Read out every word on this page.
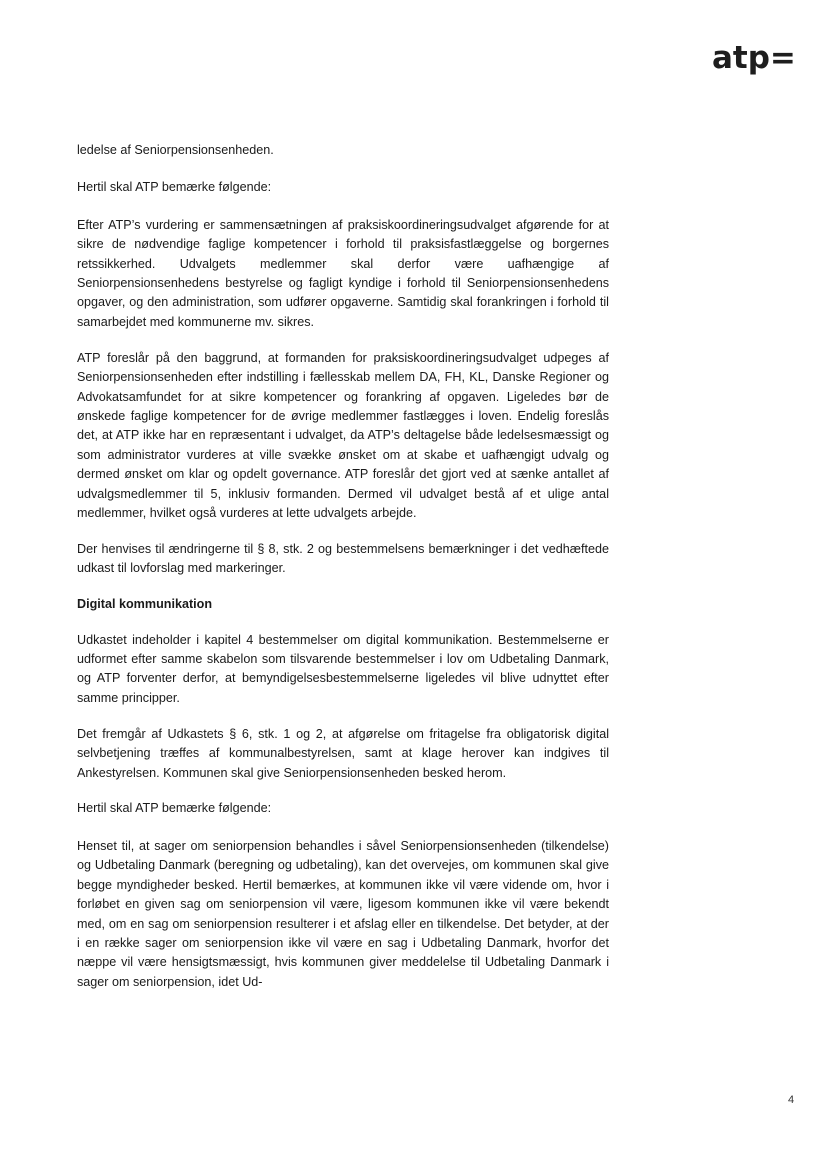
atp=

ledelse af Seniorpensionsenheden.

Hertil skal ATP bemærke følgende:

Efter ATP’s vurdering er sammensætningen af praksiskoordineringsudvalget afgørende for at sikre de nødvendige faglige kompetencer i forhold til praksisfastlæggelse og borgernes retssikkerhed. Udvalgets medlemmer skal derfor være uafhængige af Seniorpensionsenhedens bestyrelse og fagligt kyndige i forhold til Seniorpensionsenhedens opgaver, og den administration, som udfører opgaverne. Samtidig skal forankringen i forhold til samarbejdet med kommunerne mv. sikres.

ATP foreslår på den baggrund, at formanden for praksiskoordineringsudvalget udpeges af Seniorpensionsenheden efter indstilling i fællesskab mellem DA, FH, KL, Danske Regioner og Advokatsamfundet for at sikre kompetencer og forankring af opgaven. Ligeledes bør de ønskede faglige kompetencer for de øvrige medlemmer fastlægges i loven. Endelig foreslås det, at ATP ikke har en repræsentant i udvalget, da ATP’s deltagelse både ledelsesmæssigt og som administrator vurderes at ville svække ønsket om at skabe et uafhængigt udvalg og dermed ønsket om klar og opdelt governance. ATP foreslår det gjort ved at sænke antallet af udvalgsmedlemmer til 5, inklusiv formanden. Dermed vil udvalget bestå af et ulige antal medlemmer, hvilket også vurderes at lette udvalgets arbejde.

Der henvises til ændringerne til § 8, stk. 2 og bestemmelsens bemærkninger i det vedhæftede udkast til lovforslag med markeringer.

Digital kommunikation

Udkastet indeholder i kapitel 4 bestemmelser om digital kommunikation. Bestemmelserne er udformet efter samme skabelon som tilsvarende bestemmelser i lov om Udbetaling Danmark, og ATP forventer derfor, at bemyndigelsesbestemmelserne ligeledes vil blive udnyttet efter samme principper.

Det fremgår af Udkastets § 6, stk. 1 og 2, at afgørelse om fritagelse fra obligatorisk digital selvbetjening træffes af kommunalbestyrelsen, samt at klage herover kan indgives til Ankestyrelsen. Kommunen skal give Seniorpensionsenheden besked herom.

Hertil skal ATP bemærke følgende:

Henset til, at sager om seniorpension behandles i såvel Seniorpensionsenheden (tilkendelse) og Udbetaling Danmark (beregning og udbetaling), kan det overvejes, om kommunen skal give begge myndigheder besked. Hertil bemærkes, at kommunen ikke vil være vidende om, hvor i forløbet en given sag om seniorpension vil være, ligesom kommunen ikke vil være bekendt med, om en sag om seniorpension resulterer i et afslag eller en tilkendelse. Det betyder, at der i en række sager om seniorpension ikke vil være en sag i Udbetaling Danmark, hvorfor det næppe vil være hensigtsmæssigt, hvis kommunen giver meddelelse til Udbetaling Danmark i sager om seniorpension, idet Ud-

4
